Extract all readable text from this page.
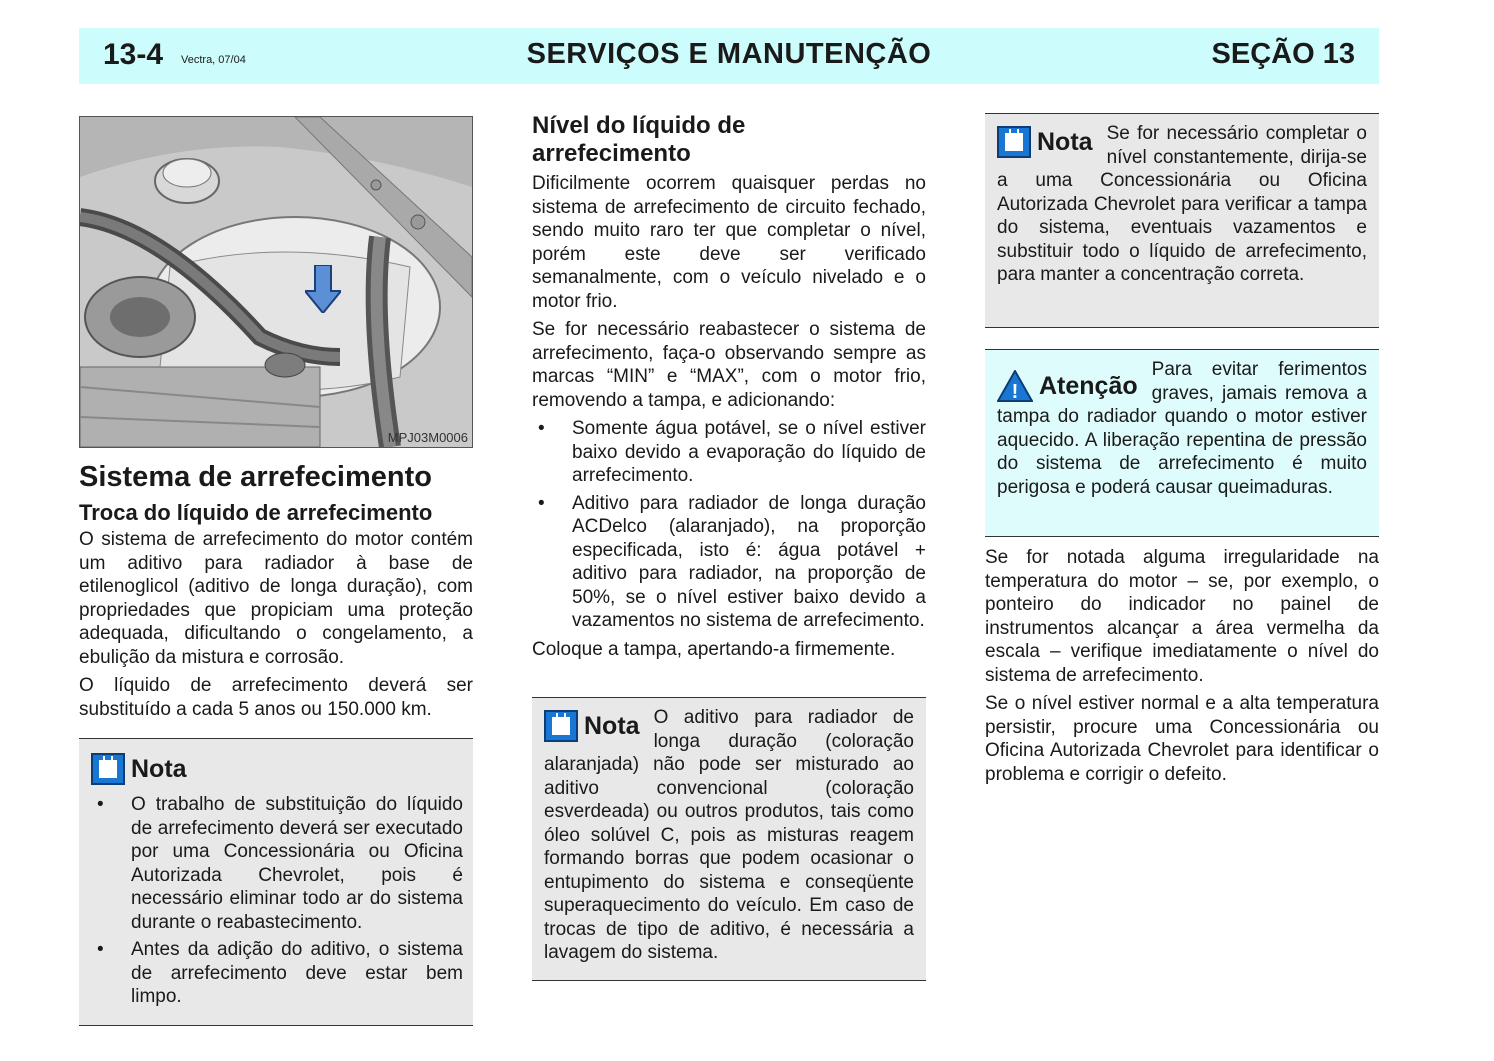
13-4 Vectra, 07/04	SERVIÇOS E MANUTENÇÃO	SEÇÃO 13
MPJ03M0006
Sistema de arrefecimento
Troca do líquido de arrefecimento

O sistema de arrefecimento do motor contém um aditivo para radiador à base de etilenoglicol (aditivo de longa duração), com propriedades que propiciam uma proteção adequada, dificultando o congelamento, a ebulição da mistura e corrosão.

O líquido de arrefecimento deverá ser substituído a cada 5 anos ou 150.000 km.

Nota
• O trabalho de substituição do líquido de arrefecimento deverá ser executado por uma Concessionária ou Oficina Autorizada Chevrolet, pois é necessário eliminar todo ar do sistema durante o reabastecimento.
• Antes da adição do aditivo, o sistema de arrefecimento deve estar bem limpo.
Nível do líquido de
arrefecimento

Dificilmente ocorrem quaisquer perdas no sistema de arrefecimento de circuito fechado, sendo muito raro ter que completar o nível, porém este deve ser verificado semanalmente, com o veículo nivelado e o motor frio.

Se for necessário reabastecer o sistema de arrefecimento, faça-o observando sempre as marcas “MIN” e “MAX”, com o motor frio, removendo a tampa, e adicionando:

• Somente água potável, se o nível estiver baixo devido a evaporação do líquido de arrefecimento.
• Aditivo para radiador de longa duração ACDelco (alaranjado), na proporção especificada, isto é: água potável + aditivo para radiador, na proporção de 50%, se o nível estiver baixo devido a vazamentos no sistema de arrefecimento.

Coloque a tampa, apertando-a firmemente.

Nota O aditivo para radiador de longa duração (coloração alaranjada) não pode ser misturado ao aditivo convencional (coloração esverdeada) ou outros produtos, tais como óleo solúvel C, pois as misturas reagem formando borras que podem ocasionar o entupimento do sistema e conseqüente superaquecimento do veículo. Em caso de trocas de tipo de aditivo, é necessária a lavagem do sistema.

Nota Se for necessário completar o nível constantemente, dirija-se a uma Concessionária ou Oficina Autorizada Chevrolet para verificar a tampa do sistema, eventuais vazamentos e substituir todo o líquido de arrefecimento, para manter a concentração correta.

! Atenção

Para evitar ferimentos graves, jamais remova a tampa do radiador quando o motor estiver aquecido. A liberação repentina de pressão do sistema de arrefecimento é muito perigosa e poderá causar queimaduras.

Se for notada alguma irregularidade na temperatura do motor – se, por exemplo, o ponteiro do indicador no painel de instrumentos alcançar a área vermelha da escala – verifique imediatamente o nível do sistema de arrefecimento.

Se o nível estiver normal e a alta temperatura persistir, procure uma Concessionária ou Oficina Autorizada Chevrolet para identificar o problema e corrigir o defeito.
